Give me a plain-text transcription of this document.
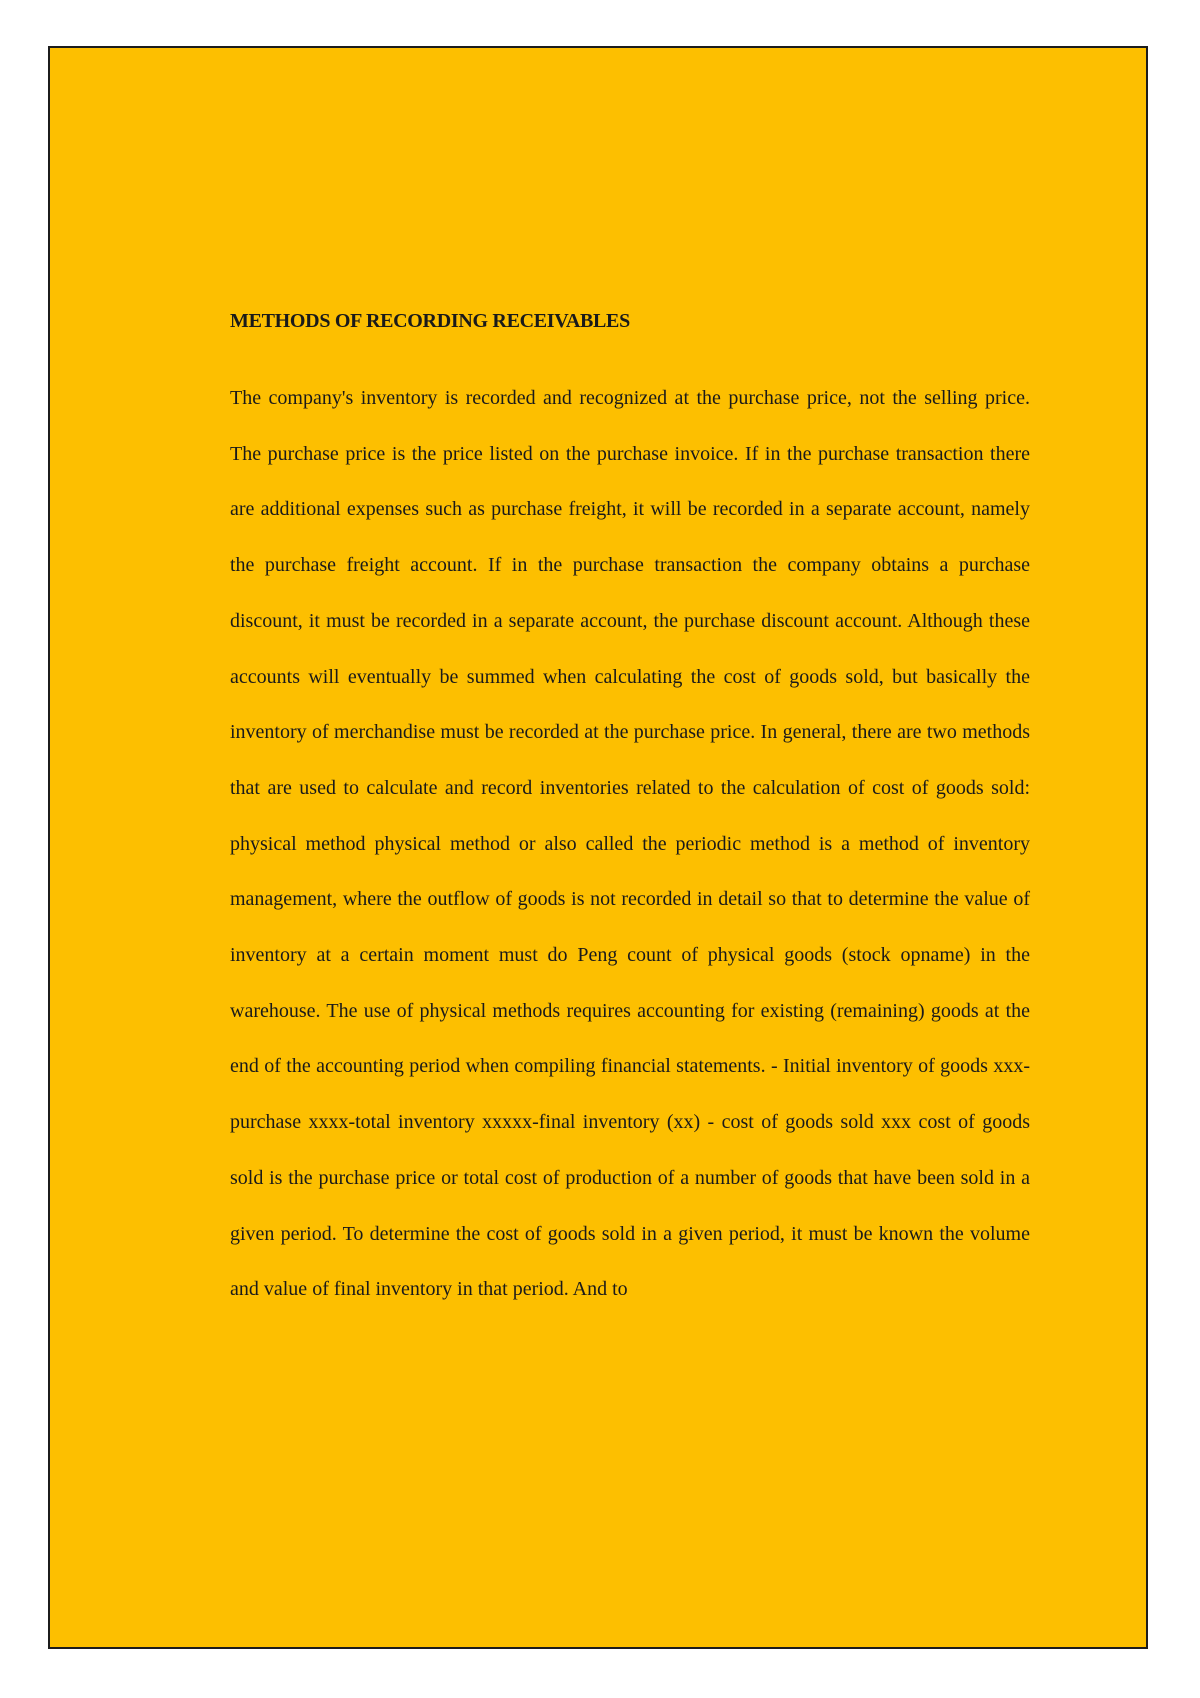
METHODS OF RECORDING RECEIVABLES

The company's inventory is recorded and recognized at the purchase price, not the selling price. The purchase price is the price listed on the purchase invoice. If in the purchase transaction there are additional expenses such as purchase freight, it will be recorded in a separate account, namely the purchase freight account. If in the purchase transaction the company obtains a purchase discount, it must be recorded in a separate account, the purchase discount account. Although these accounts will eventually be summed when calculating the cost of goods sold, but basically the inventory of merchandise must be recorded at the purchase price. In general, there are two methods that are used to calculate and record inventories related to the calculation of cost of goods sold: physical method physical method or also called the periodic method is a method of inventory management, where the outflow of goods is not recorded in detail so that to determine the value of inventory at a certain moment must do Peng count of physical goods (stock opname) in the warehouse. The use of physical methods requires accounting for existing (remaining) goods at the end of the accounting period when compiling financial statements. - Initial inventory of goods xxx-purchase xxxx-total inventory xxxxx-final inventory (xx) - cost of goods sold xxx cost of goods sold is the purchase price or total cost of production of a number of goods that have been sold in a given period. To determine the cost of goods sold in a given period, it must be known the volume and value of final inventory in that period. And to
